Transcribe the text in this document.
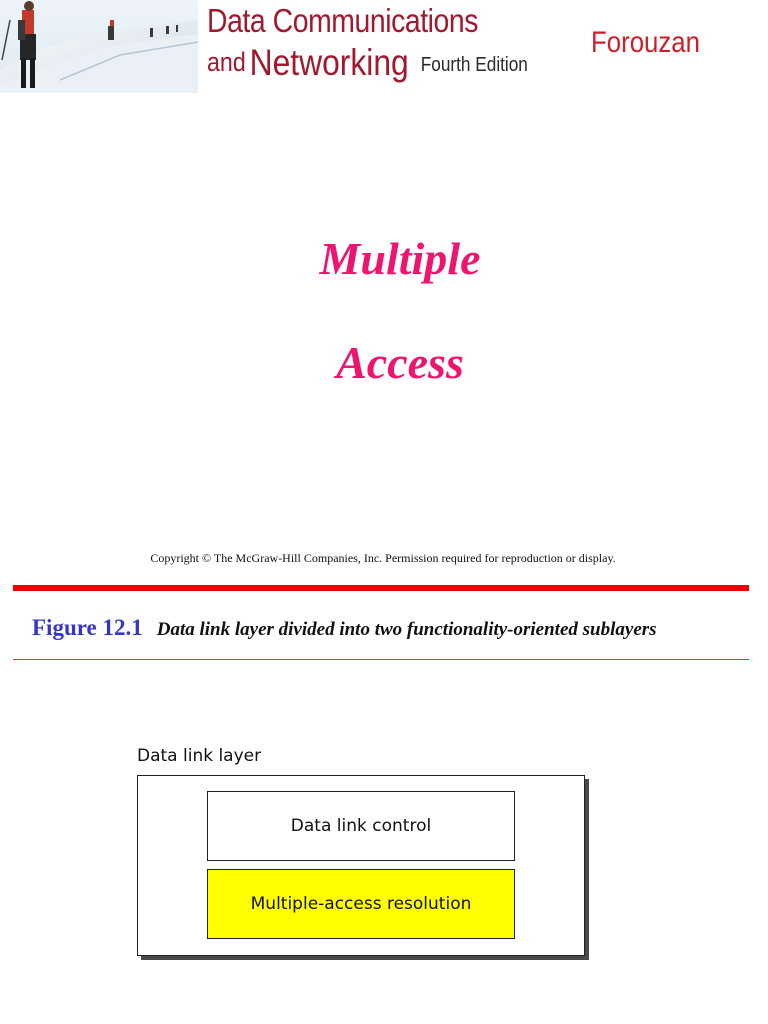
Data Communications
and Networking Fourth Edition
Forouzan
Multiple
Access
Copyright © The McGraw-Hill Companies, Inc. Permission required for reproduction or display.
Figure 12.1 Data link layer divided into two functionality-oriented sublayers
Data link layer
Data link control
Multiple-access resolution
